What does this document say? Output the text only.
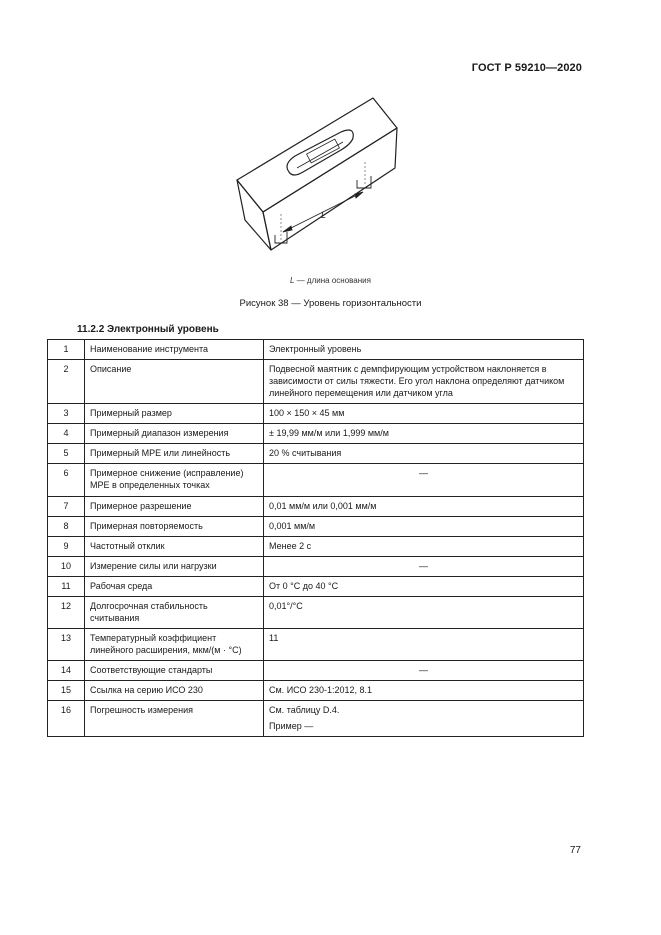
ГОСТ Р 59210—2020
L
L — длина основания
Рисунок 38 — Уровень горизонтальности
11.2.2 Электронный уровень
1	Наименование инструмента	Электронный уровень
2	Описание	Подвесной маятник с демпфирующим устройством наклоняется в зависимости от силы тяжести. Его угол наклона определяют датчиком линейного перемещения или датчиком угла
3	Примерный размер	100 × 150 × 45 мм
4	Примерный диапазон измерения	± 19,99 мм/м или 1,999 мм/м
5	Примерный MPE или линейность	20 % считывания
6	Примерное снижение (исправление) MPE в определенных точках	—
7	Примерное разрешение	0,01 мм/м или 0,001 мм/м
8	Примерная повторяемость	0,001 мм/м
9	Частотный отклик	Менее 2 с
10	Измерение силы или нагрузки	—
11	Рабочая среда	От 0 °С до 40 °С
12	Долгосрочная стабильность считывания	0,01°/°С
13	Температурный коэффициент линейного расширения, мкм/(м · °С)	11
14	Соответствующие стандарты	—
15	Ссылка на серию ИСО 230	См. ИСО 230-1:2012, 8.1
16	Погрешность измерения	См. таблицу D.4.
Пример —
77
